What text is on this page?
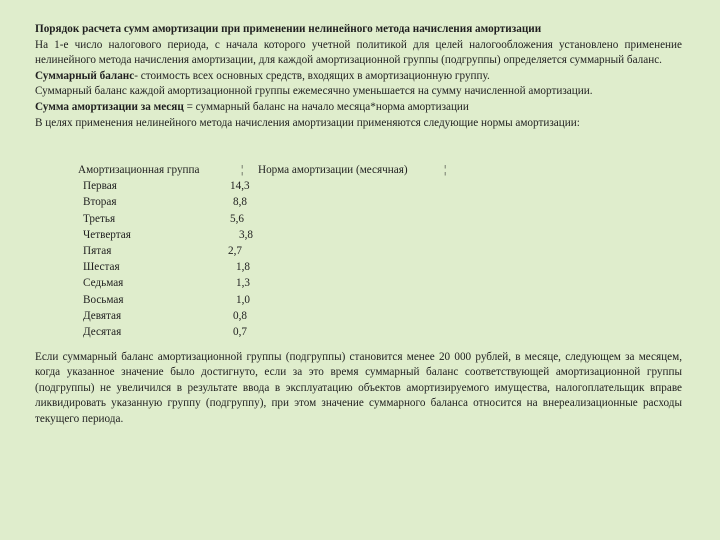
Порядок расчета сумм амортизации при применении нелинейного метода начисления амортизации

На 1-е число налогового периода, с начала которого учетной политикой для целей налогообложения установлено применение нелинейного метода начисления амортизации, для каждой амортизационной группы (подгруппы) определяется суммарный баланс.

Суммарный баланс- стоимость всех основных средств, входящих в амортизационную группу.

Суммарный баланс каждой амортизационной группы ежемесячно уменьшается на сумму начисленной амортизации.

Сумма амортизации за месяц = суммарный баланс на начало месяца*норма амортизации

В целях применения нелинейного метода начисления амортизации применяются следующие нормы амортизации:

Амортизационная группа	¦ Норма амортизации (месячная)	¦
Первая	14,3
Вторая	8,8
Третья	5,6
Четвертая	3,8
Пятая	2,7
Шестая	1,8
Седьмая	1,3
Восьмая	1,0
Девятая	0,8
Десятая	0,7

Если суммарный баланс амортизационной группы (подгруппы) становится менее 20 000 рублей, в месяце, следующем за месяцем, когда указанное значение было достигнуто, если за это время суммарный баланс соответствующей амортизационной группы (подгруппы) не увеличился в результате ввода в эксплуатацию объектов амортизируемого имущества, налогоплательщик вправе ликвидировать указанную группу (подгруппу), при этом значение суммарного баланса относится на внереализационные расходы текущего периода.
